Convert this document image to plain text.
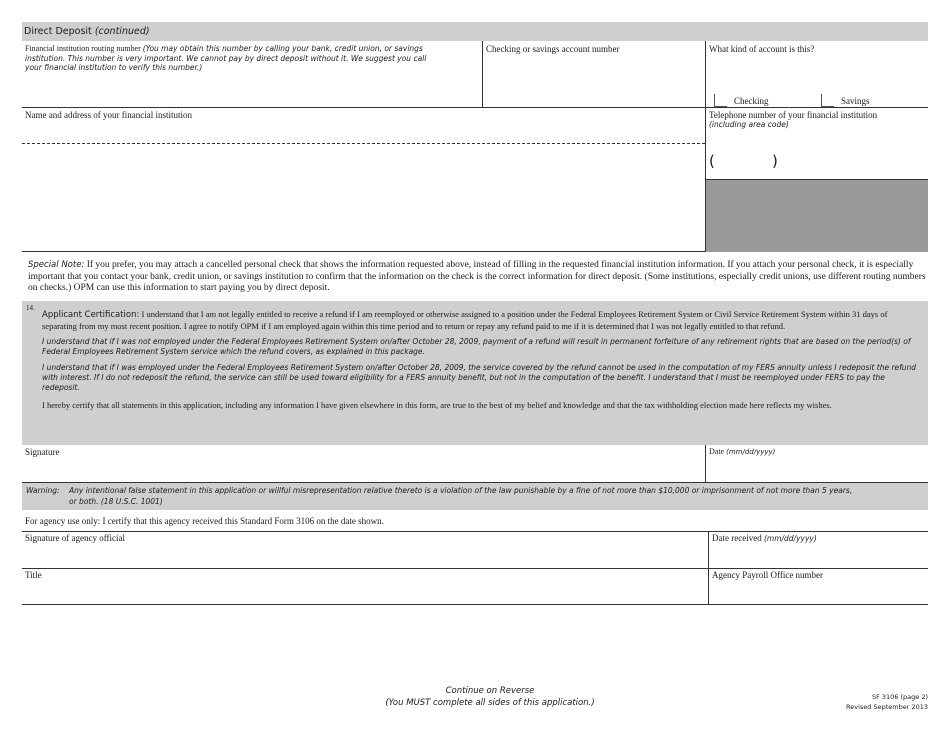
Direct Deposit (continued)
Financial institution routing number (You may obtain this number by calling your bank, credit union, or savings institution. This number is very important. We cannot pay by direct deposit without it. We suggest you call your financial institution to verify this number.)
Checking or savings account number	What kind of account is this?
Checking	Savings
Name and address of your financial institution	Telephone number of your financial institution
(including area code)
(	)
Special Note: If you prefer, you may attach a cancelled personal check that shows the information requested above, instead of filling in the requested financial institution information. If you attach your personal check, it is especially important that you contact your bank, credit union, or savings institution to confirm that the information on the check is the correct information for direct deposit. (Some institutions, especially credit unions, use different routing numbers on checks.) OPM can use this information to start paying you by direct deposit.
14.

Applicant Certification: I understand that I am not legally entitled to receive a refund if I am reemployed or otherwise assigned to a position under the Federal Employees Retirement System or Civil Service Retirement System within 31 days of separating from my most recent position. I agree to notify OPM if I am employed again within this time period and to return or repay any refund paid to me if it is determined that I was not legally entitled to that refund.

I understand that if I was not employed under the Federal Employees Retirement System on/after October 28, 2009, payment of a refund will result in permanent forfeiture of any retirement rights that are based on the period(s) of Federal Employees Retirement System service which the refund covers, as explained in this package.

I understand that if I was employed under the Federal Employees Retirement System on/after October 28, 2009, the service covered by the refund cannot be used in the computation of my FERS annuity unless I redeposit the refund with interest. If I do not redeposit the refund, the service can still be used toward eligibility for a FERS annuity benefit, but not in the computation of the benefit. I understand that I must be reemployed under FERS to pay the redeposit.

I hereby certify that all statements in this application, including any information I have given elsewhere in this form, are true to the best of my belief and knowledge and that the tax withholding election made here reflects my wishes.

Signature	Date (mm/dd/yyyy)
Warning: Any intentional false statement in this application or willful misrepresentation relative thereto is a violation of the law punishable by a fine of not more than $10,000 or imprisonment of not more than 5 years,
or both. (18 U.S.C. 1001)
For agency use only: I certify that this agency received this Standard Form 3106 on the date shown.
Signature of agency official	Date received (mm/dd/yyyy)
Title	Agency Payroll Office number
Continue on Reverse
(You MUST complete all sides of this application.)
SF 3106 (page 2)
Revised September 2013
